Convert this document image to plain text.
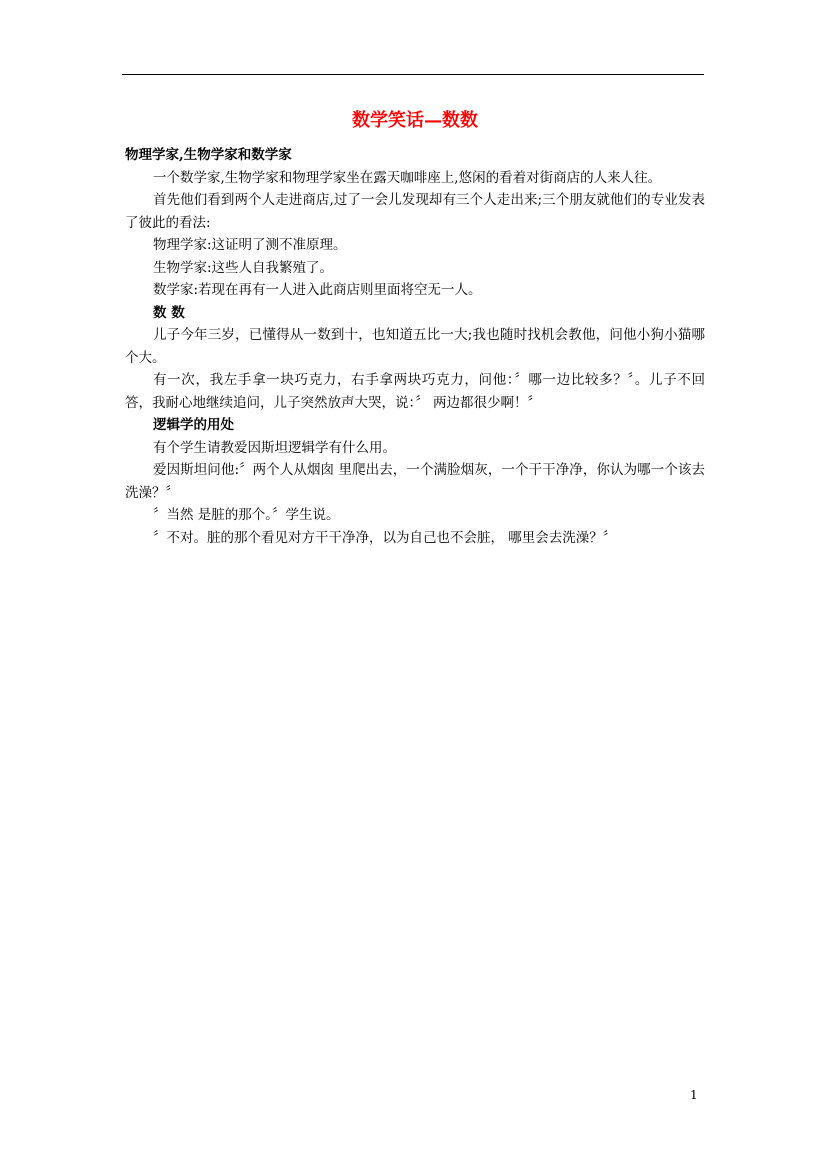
数学笑话—数数

物理学家,生物学家和数学家

一个数学家,生物学家和物理学家坐在露天咖啡座上,悠闲的看着对街商店的人来人往。

首先他们看到两个人走进商店,过了一会儿发现却有三个人走出来;三个朋友就他们的专业发表了彼此的看法:

物理学家:这证明了测不准原理。

生物学家:这些人自我繁殖了。

数学家:若现在再有一人进入此商店则里面将空无一人。

数 数

儿子今年三岁，已懂得从一数到十，也知道五比一大;我也随时找机会教他，问他小狗小猫哪个大。

有一次，我左手拿一块巧克力，右手拿两块巧克力，问他：〞哪一边比较多？〞。儿子不回答，我耐心地继续追问，儿子突然放声大哭，说：〞 两边都很少啊！〞

逻辑学的用处

有个学生请教爱因斯坦逻辑学有什么用。

爱因斯坦问他:〞两个人从烟囱 里爬出去，一个满脸烟灰，一个干干净净，你认为哪一个该去洗澡？〞

〞当然 是脏的那个。〞学生说。

〞不对。脏的那个看见对方干干净净，以为自己也不会脏， 哪里会去洗澡？〞

1
